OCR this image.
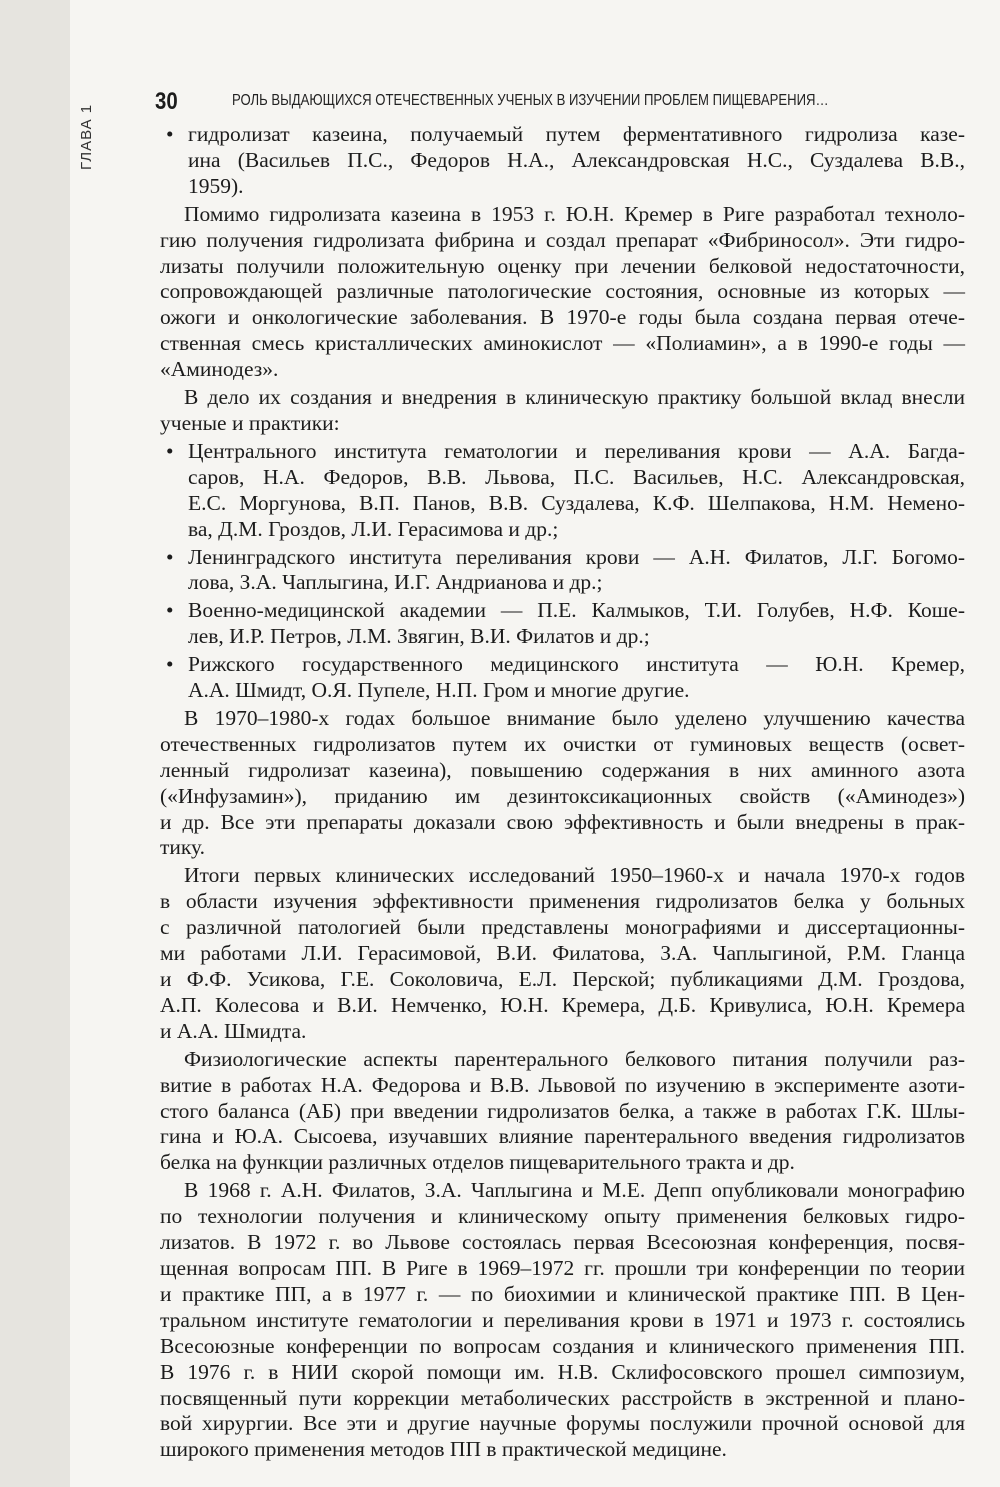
ГЛАВА 1
30	РОЛЬ ВЫДАЮЩИХСЯ ОТЕЧЕСТВЕННЫХ УЧЕНЫХ В ИЗУЧЕНИИ ПРОБЛЕМ ПИЩЕВАРЕНИЯ…
• гидролизат казеина, получаемый путем ферментативного гидролиза казе-
ина (Васильев П.С., Федоров Н.А., Александровская Н.С., Суздалева В.В.,
1959).
Помимо гидролизата казеина в 1953 г. Ю.Н. Кремер в Риге разработал техноло-
гию получения гидролизата фибрина и создал препарат «Фибриносол». Эти гидро-
лизаты получили положительную оценку при лечении белковой недостаточности,
сопровождающей различные патологические состояния, основные из которых —
ожоги и онкологические заболевания. В 1970-е годы была создана первая отече-
ственная смесь кристаллических аминокислот — «Полиамин», а в 1990-е годы —
«Аминодез».
В дело их создания и внедрения в клиническую практику большой вклад внесли
ученые и практики:
• Центрального института гематологии и переливания крови — А.А. Багда-
саров, Н.А. Федоров, В.В. Львова, П.С. Васильев, Н.С. Александровская,
Е.С. Моргунова, В.П. Панов, В.В. Суздалева, К.Ф. Шелпакова, Н.М. Немено-
ва, Д.М. Гроздов, Л.И. Герасимова и др.;
• Ленинградского института переливания крови — А.Н. Филатов, Л.Г. Богомо-
лова, З.А. Чаплыгина, И.Г. Андрианова и др.;
• Военно-медицинской академии — П.Е. Калмыков, Т.И. Голубев, Н.Ф. Коше-
лев, И.Р. Петров, Л.М. Звягин, В.И. Филатов и др.;
• Рижского государственного медицинского института — Ю.Н. Кремер,
А.А. Шмидт, О.Я. Пупеле, Н.П. Гром и многие другие.
В 1970–1980-х годах большое внимание было уделено улучшению качества
отечественных гидролизатов путем их очистки от гуминовых веществ (освет-
ленный гидролизат казеина), повышению содержания в них аминного азота
(«Инфузамин»), приданию им дезинтоксикационных свойств («Аминодез»)
и др. Все эти препараты доказали свою эффективность и были внедрены в прак-
тику.
Итоги первых клинических исследований 1950–1960-х и начала 1970-х годов
в области изучения эффективности применения гидролизатов белка у больных
с различной патологией были представлены монографиями и диссертационны-
ми работами Л.И. Герасимовой, В.И. Филатова, З.А. Чаплыгиной, Р.М. Гланца
и Ф.Ф. Усикова, Г.Е. Соколовича, Е.Л. Перской; публикациями Д.М. Гроздова,
А.П. Колесова и В.И. Немченко, Ю.Н. Кремера, Д.Б. Кривулиса, Ю.Н. Кремера
и А.А. Шмидта.
Физиологические аспекты парентерального белкового питания получили раз-
витие в работах Н.А. Федорова и В.В. Львовой по изучению в эксперименте азоти-
стого баланса (АБ) при введении гидролизатов белка, а также в работах Г.К. Шлы-
гина и Ю.А. Сысоева, изучавших влияние парентерального введения гидролизатов
белка на функции различных отделов пищеварительного тракта и др.
В 1968 г. А.Н. Филатов, З.А. Чаплыгина и М.Е. Депп опубликовали монографию
по технологии получения и клиническому опыту применения белковых гидро-
лизатов. В 1972 г. во Львове состоялась первая Всесоюзная конференция, посвя-
щенная вопросам ПП. В Риге в 1969–1972 гг. прошли три конференции по теории
и практике ПП, а в 1977 г. — по биохимии и клинической практике ПП. В Цен-
тральном институте гематологии и переливания крови в 1971 и 1973 г. состоялись
Всесоюзные конференции по вопросам создания и клинического применения ПП.
В 1976 г. в НИИ скорой помощи им. Н.В. Склифосовского прошел симпозиум,
посвященный пути коррекции метаболических расстройств в экстренной и плано-
вой хирургии. Все эти и другие научные форумы послужили прочной основой для
широкого применения методов ПП в практической медицине.
